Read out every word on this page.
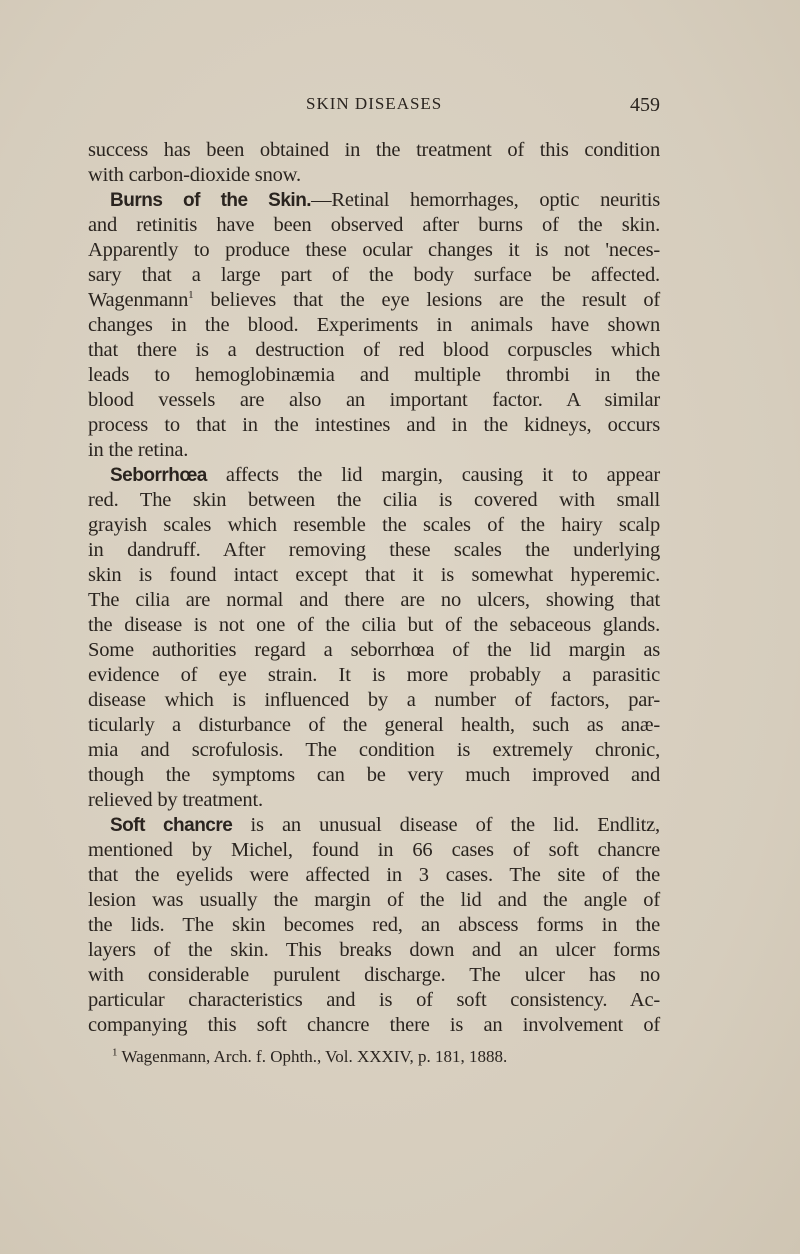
SKIN DISEASES	459
success has been obtained in the treatment of this condition
with carbon-dioxide snow.
Burns of the Skin.—Retinal hemorrhages, optic neuritis
and retinitis have been observed after burns of the skin.
Apparently to produce these ocular changes it is not 'neces-
sary that a large part of the body surface be affected.
Wagenmann$^1$ believes that the eye lesions are the result of
changes in the blood. Experiments in animals have shown
that there is a destruction of red blood corpuscles which
leads to hemoglobinæmia and multiple thrombi in the
blood vessels are also an important factor. A similar
process to that in the intestines and in the kidneys, occurs
in the retina.
Seborrhœa affects the lid margin, causing it to appear
red. The skin between the cilia is covered with small
grayish scales which resemble the scales of the hairy scalp
in dandruff. After removing these scales the underlying
skin is found intact except that it is somewhat hyperemic.
The cilia are normal and there are no ulcers, showing that
the disease is not one of the cilia but of the sebaceous glands.
Some authorities regard a seborrhœa of the lid margin as
evidence of eye strain. It is more probably a parasitic
disease which is influenced by a number of factors, par-
ticularly a disturbance of the general health, such as anæ-
mia and scrofulosis. The condition is extremely chronic,
though the symptoms can be very much improved and
relieved by treatment.
Soft chancre is an unusual disease of the lid. Endlitz,
mentioned by Michel, found in 66 cases of soft chancre
that the eyelids were affected in 3 cases. The site of the
lesion was usually the margin of the lid and the angle of
the lids. The skin becomes red, an abscess forms in the
layers of the skin. This breaks down and an ulcer forms
with considerable purulent discharge. The ulcer has no
particular characteristics and is of soft consistency. Ac-
companying this soft chancre there is an involvement of
$^1$ Wagenmann, Arch. f. Ophth., Vol. XXXIV, p. 181, 1888.
